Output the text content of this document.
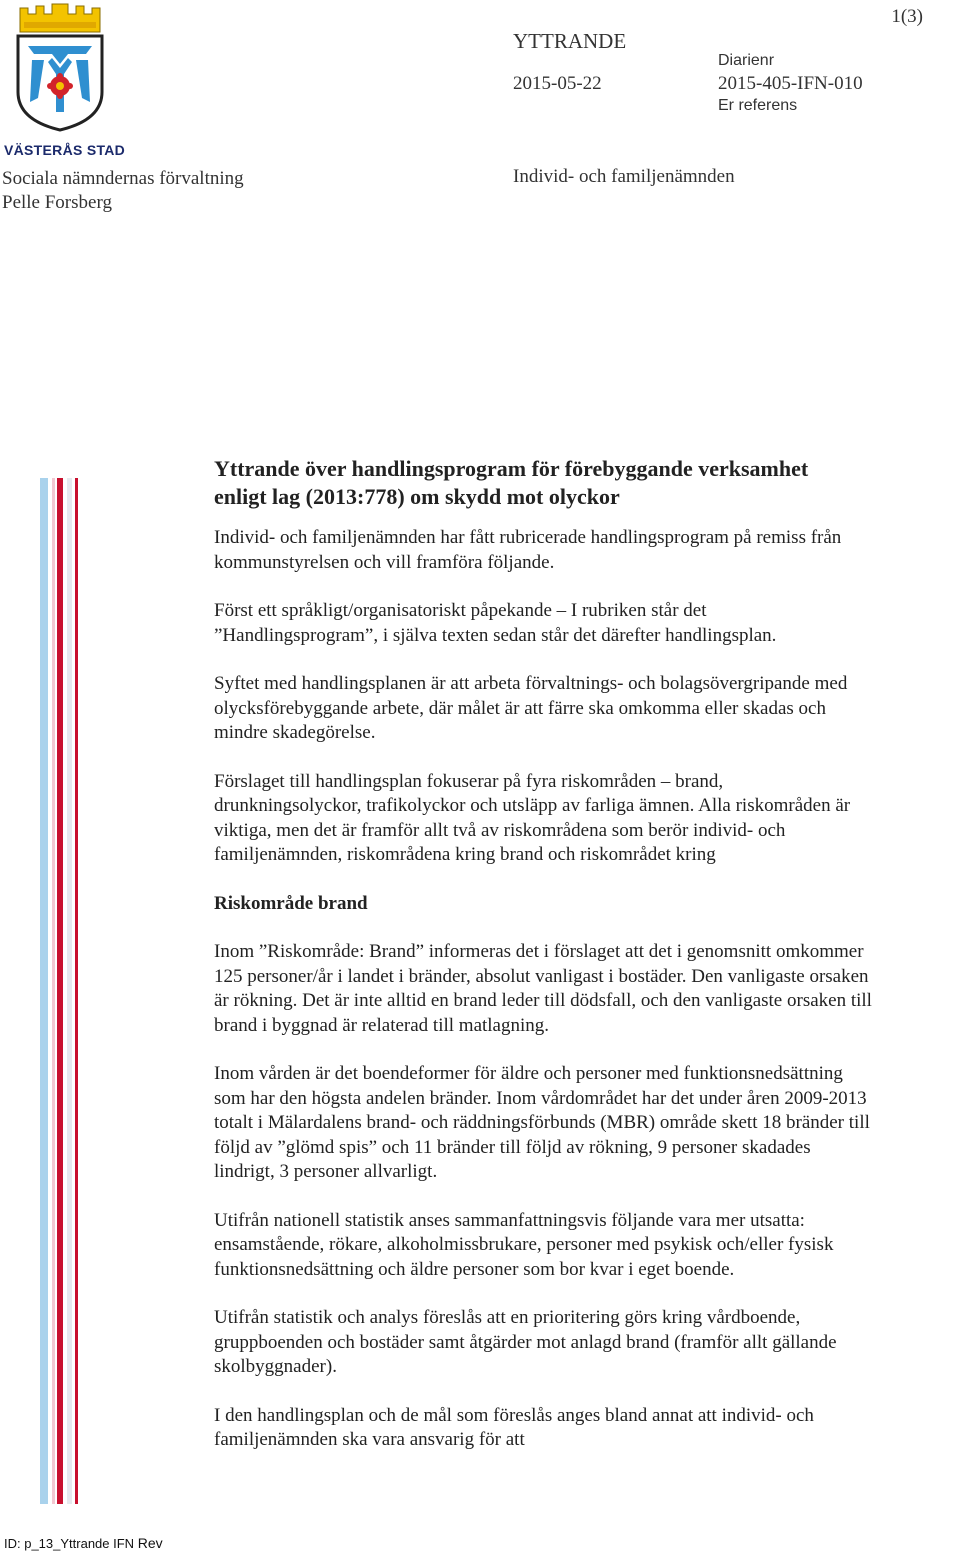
VÄSTERÅS STAD
Sociala nämndernas förvaltning
Pelle Forsberg
YTTRANDE
2015-05-22
Diarienr
2015-405-IFN-010
Er referens
1(3)
Individ- och familjenämnden
Yttrande över handlingsprogram för förebyggande verksamhet
enligt lag (2013:778) om skydd mot olyckor
Individ- och familjenämnden har fått rubricerade handlingsprogram på remiss från
kommunstyrelsen och vill framföra följande.
Först ett språkligt/organisatoriskt påpekande – I rubriken står det
”Handlingsprogram”, i själva texten sedan står det därefter handlingsplan.
Syftet med handlingsplanen är att arbeta förvaltnings- och bolagsövergripande med
olycksförebyggande arbete, där målet är att färre ska omkomma eller skadas och
mindre skadegörelse.
Förslaget till handlingsplan fokuserar på fyra riskområden – brand,
drunkningsolyckor, trafikolyckor och utsläpp av farliga ämnen. Alla riskområden är
viktiga, men det är framför allt två av riskområdena som berör individ- och
familjenämnden, riskområdena kring brand och riskområdet kring
Riskområde brand
Inom ”Riskområde: Brand” informeras det i förslaget att det i genomsnitt omkommer
125 personer/år i landet i bränder, absolut vanligast i bostäder. Den vanligaste orsaken
är rökning. Det är inte alltid en brand leder till dödsfall, och den vanligaste orsaken till
brand i byggnad är relaterad till matlagning.
Inom vården är det boendeformer för äldre och personer med funktionsnedsättning
som har den högsta andelen bränder. Inom vårdområdet har det under åren 2009-2013
totalt i Mälardalens brand- och räddningsförbunds (MBR) område skett 18 bränder till
följd av ”glömd spis” och 11 bränder till följd av rökning, 9 personer skadades
lindrigt, 3 personer allvarligt.
Utifrån nationell statistik anses sammanfattningsvis följande vara mer utsatta:
ensamstående, rökare, alkoholmissbrukare, personer med psykisk och/eller fysisk
funktionsnedsättning och äldre personer som bor kvar i eget boende.
Utifrån statistik och analys föreslås att en prioritering görs kring vårdboende,
gruppboenden och bostäder samt åtgärder mot anlagd brand (framför allt gällande
skolbyggnader).
I den handlingsplan och de mål som föreslås anges bland annat att individ- och
familjenämnden ska vara ansvarig för att
ID: p_13_Yttrande IFN Rev
